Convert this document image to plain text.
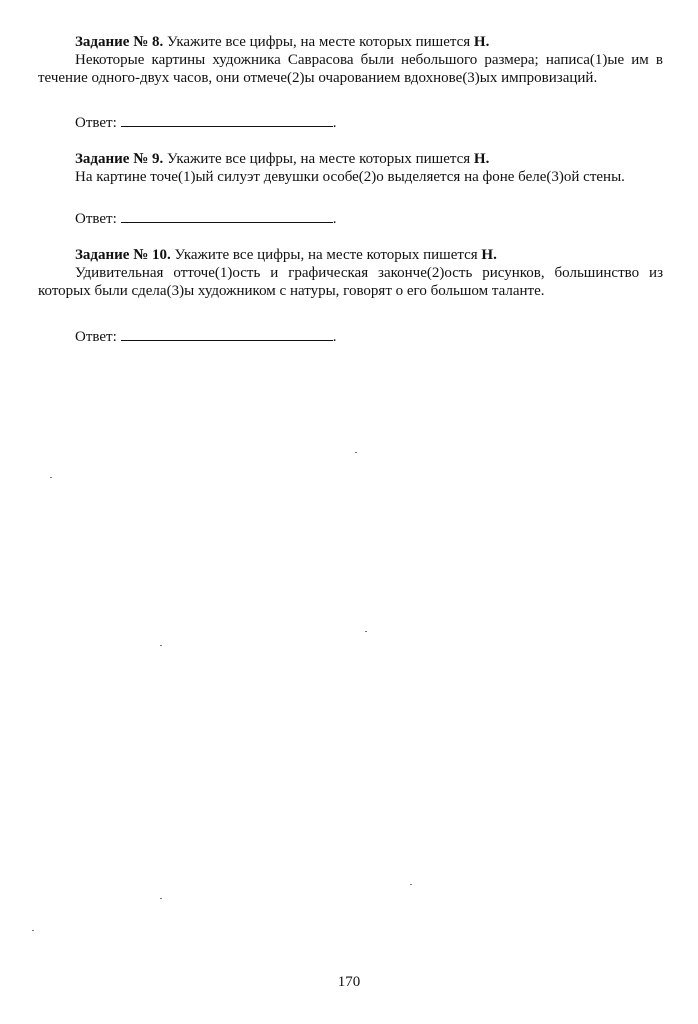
Задание № 8. Укажите все цифры, на месте которых пишется Н.

Некоторые картины художника Саврасова были небольшого размера; написа(1)ые им в течение одного-двух часов, они отмече(2)ы очарованием вдохнове(3)ых импровизаций.

Ответ:	.

Задание № 9. Укажите все цифры, на месте которых пишется Н.

На картине точе(1)ый силуэт девушки особе(2)о выделяется на фоне беле(3)ой стены.

Ответ:	.

Задание № 10. Укажите все цифры, на месте которых пишется Н.

Удивительная отточе(1)ость и графическая законче(2)ость рисунков, большинство из которых были сдела(3)ы художником с натуры, говорят о его большом таланте.

Ответ:	.
170
